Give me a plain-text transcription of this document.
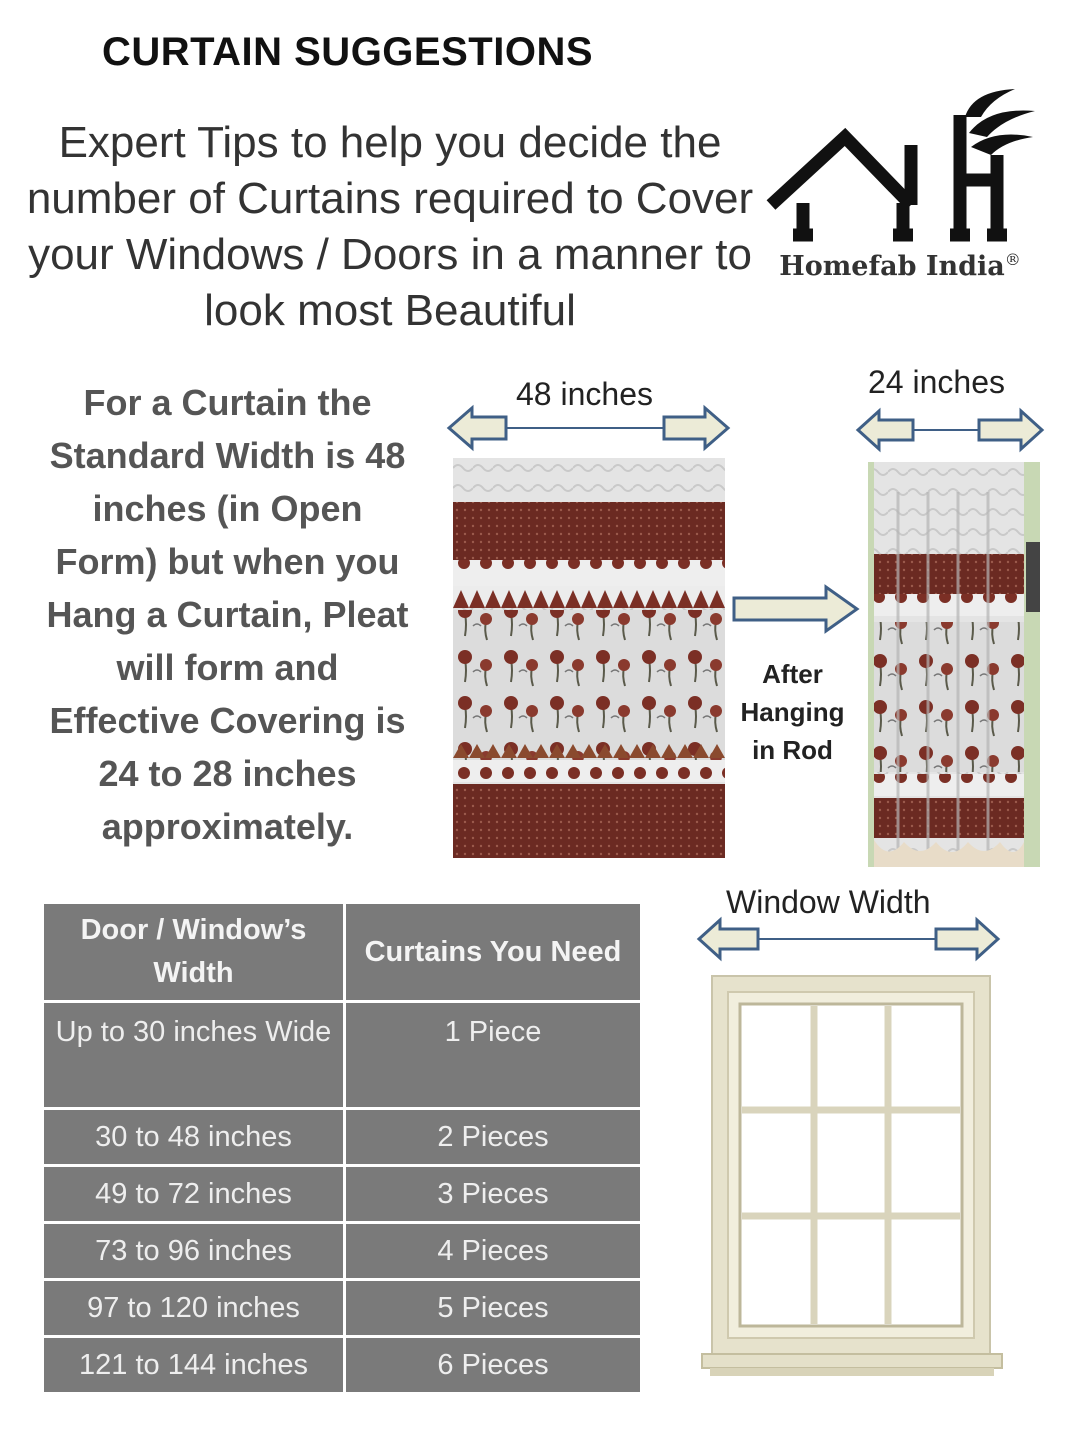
CURTAIN SUGGESTIONS
Expert Tips to help you decide the number of Curtains required to Cover your Windows / Doors in a manner to look most Beautiful
Homefab India®
For a Curtain the Standard Width is 48 inches (in Open Form) but when you Hang a Curtain, Pleat will form and Effective Covering is 24 to 28 inches approximately.
48 inches	24 inches
Window Width
After Hanging in Rod
Door / Window’s Width	Curtains You Need
Up to 30 inches Wide	1 Piece
30 to 48 inches	2 Pieces
49 to 72 inches	3 Pieces
73 to 96 inches	4 Pieces
97 to 120 inches	5 Pieces
121 to 144 inches	6 Pieces
